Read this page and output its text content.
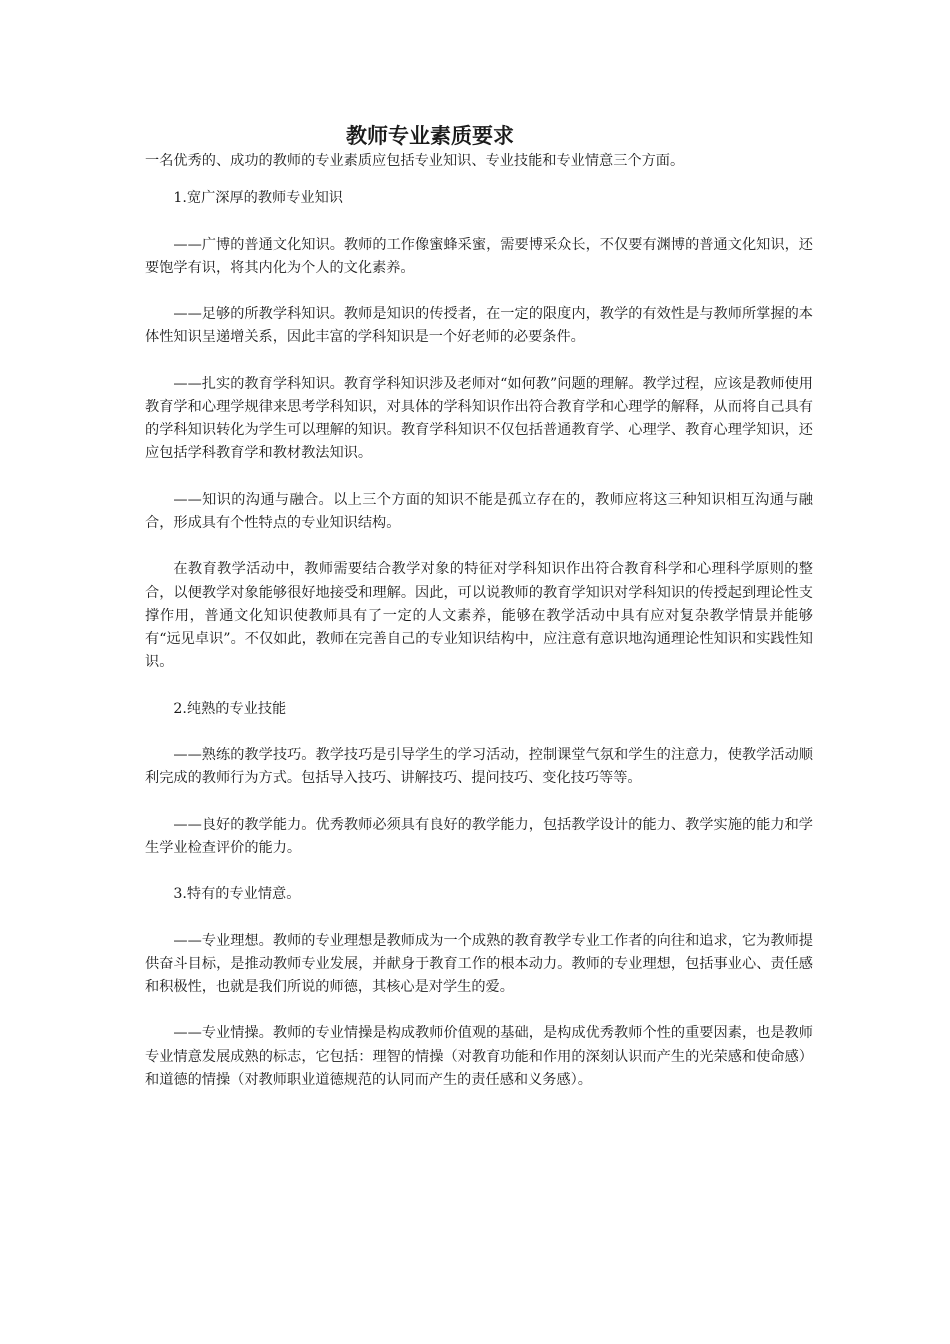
教师专业素质要求

一名优秀的、成功的教师的专业素质应包括专业知识、专业技能和专业情意三个方面。

1.宽广深厚的教师专业知识

——广博的普通文化知识。教师的工作像蜜蜂采蜜，需要博采众长，不仅要有渊博的普通文化知识，还要饱学有识，将其内化为个人的文化素养。

——足够的所教学科知识。教师是知识的传授者，在一定的限度内，教学的有效性是与教师所掌握的本体性知识呈递增关系，因此丰富的学科知识是一个好老师的必要条件。

——扎实的教育学科知识。教育学科知识涉及老师对“如何教”问题的理解。教学过程，应该是教师使用教育学和心理学规律来思考学科知识，对具体的学科知识作出符合教育学和心理学的解释，从而将自己具有的学科知识转化为学生可以理解的知识。教育学科知识不仅包括普通教育学、心理学、教育心理学知识，还应包括学科教育学和教材教法知识。

——知识的沟通与融合。以上三个方面的知识不能是孤立存在的，教师应将这三种知识相互沟通与融合，形成具有个性特点的专业知识结构。

在教育教学活动中，教师需要结合教学对象的特征对学科知识作出符合教育科学和心理科学原则的整合，以便教学对象能够很好地接受和理解。因此，可以说教师的教育学知识对学科知识的传授起到理论性支撑作用，普通文化知识使教师具有了一定的人文素养，能够在教学活动中具有应对复杂教学情景并能够有“远见卓识”。不仅如此，教师在完善自己的专业知识结构中，应注意有意识地沟通理论性知识和实践性知识。

2.纯熟的专业技能

——熟练的教学技巧。教学技巧是引导学生的学习活动，控制课堂气氛和学生的注意力，使教学活动顺利完成的教师行为方式。包括导入技巧、讲解技巧、提问技巧、变化技巧等等。

——良好的教学能力。优秀教师必须具有良好的教学能力，包括教学设计的能力、教学实施的能力和学生学业检查评价的能力。

3.特有的专业情意。

——专业理想。教师的专业理想是教师成为一个成熟的教育教学专业工作者的向往和追求，它为教师提供奋斗目标，是推动教师专业发展，并献身于教育工作的根本动力。教师的专业理想，包括事业心、责任感和积极性，也就是我们所说的师德，其核心是对学生的爱。

——专业情操。教师的专业情操是构成教师价值观的基础，是构成优秀教师个性的重要因素，也是教师专业情意发展成熟的标志，它包括：理智的情操（对教育功能和作用的深刻认识而产生的光荣感和使命感）和道德的情操（对教师职业道德规范的认同而产生的责任感和义务感）。
